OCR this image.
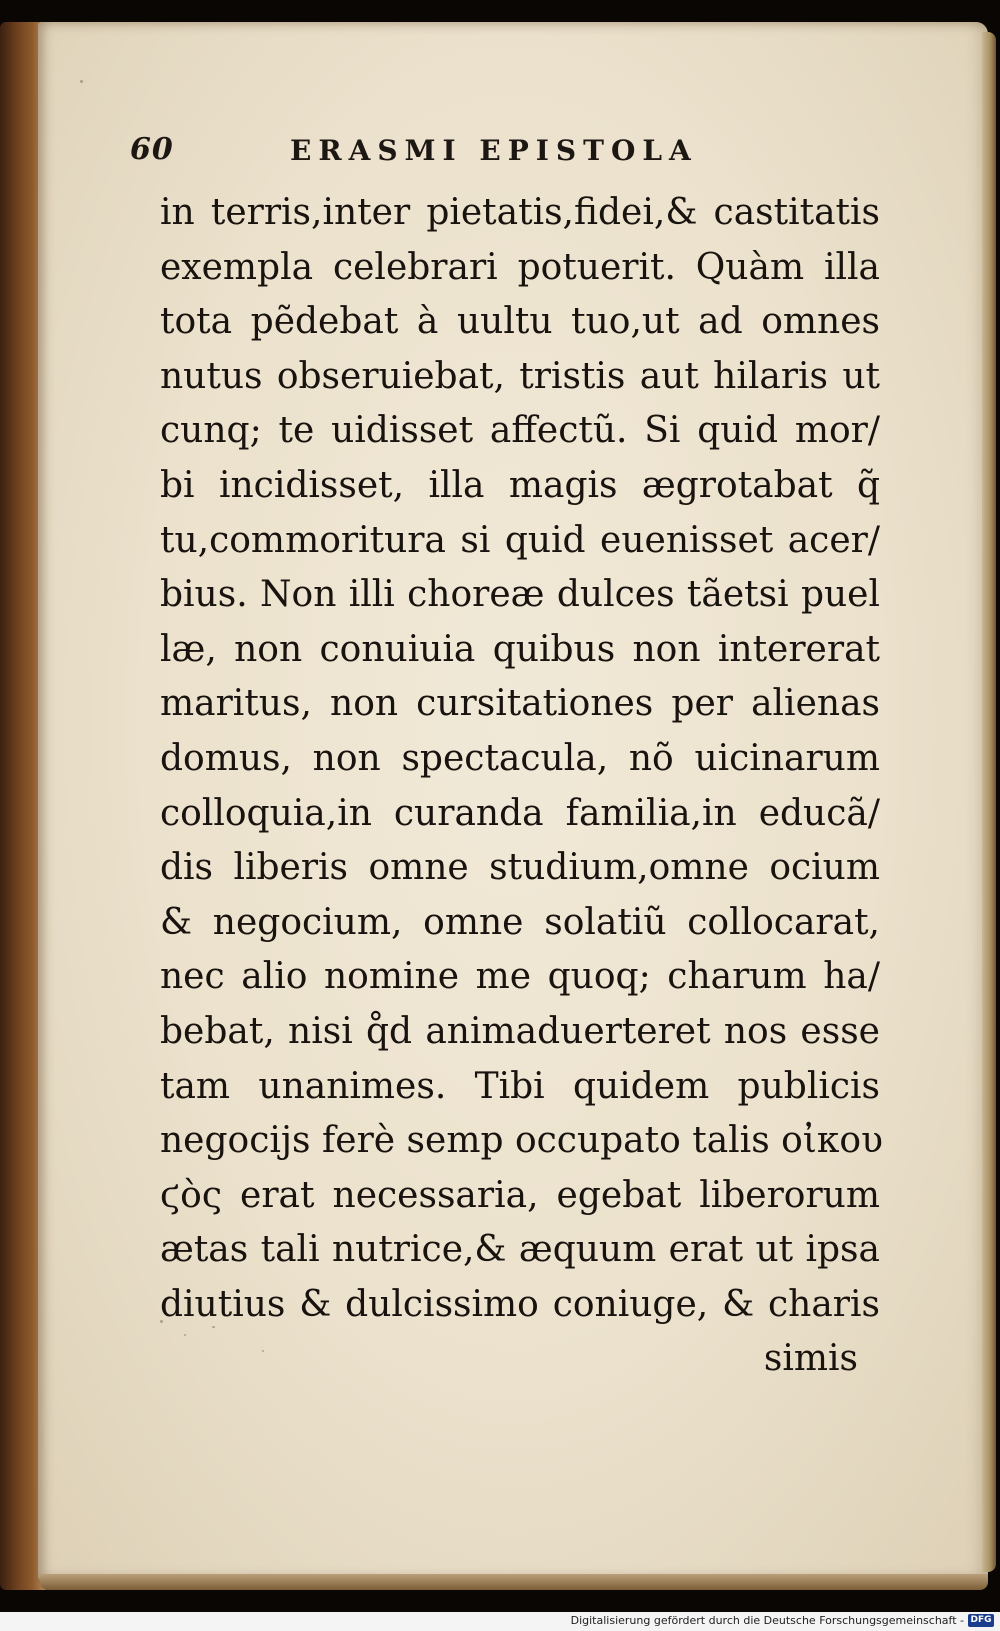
60	ERASMI EPISTOLA
in terris,inter pietatis,fidei,& castitatis
exempla celebrari potuerit. Quàm illa
tota pẽdebat à uultu tuo,ut ad omnes
nutus obseruiebat, tristis aut hilaris ut
cunq; te uidisset affectũ. Si quid mor/
bi incidisset, illa magis ægrotabat q̃
tu,commoritura si quid euenisset acer/
bius. Non illi choreæ dulces tãetsi puel
læ, non conuiuia quibus non intererat
maritus, non cursitationes per alienas
domus, non spectacula, nõ uicinarum
colloquia,in curanda familia,in educã/
dis liberis omne studium,omne ocium
& negocium, omne solatiũ collocarat,
nec alio nomine me quoq; charum ha/
bebat, nisi q̊d animaduerteret nos esse
tam unanimes. Tibi quidem publicis
negocijs ferè semp occupato talis οἰκου
ϛὸς erat necessaria, egebat liberorum
ætas tali nutrice,& æquum erat ut ipsa
diutius & dulcissimo coniuge, & charis
simis
Digitalisierung gefördert durch die Deutsche Forschungsgemeinschaft - DFG
